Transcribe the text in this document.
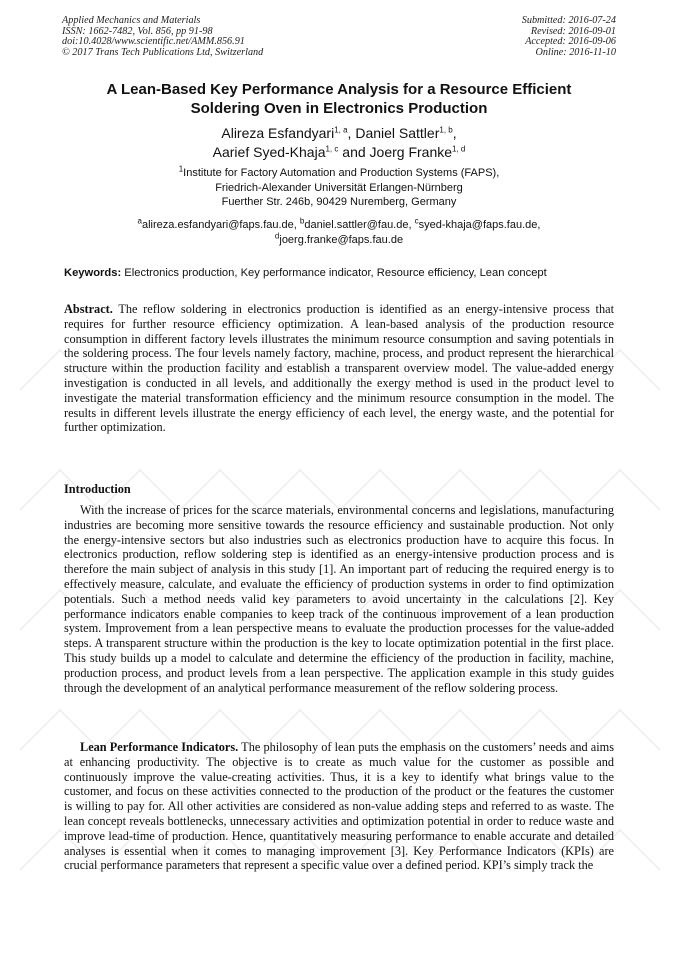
Applied Mechanics and Materials
ISSN: 1662-7482, Vol. 856, pp 91-98
doi:10.4028/www.scientific.net/AMM.856.91
© 2017 Trans Tech Publications Ltd, Switzerland
Submitted: 2016-07-24
Revised: 2016-09-01
Accepted: 2016-09-06
Online: 2016-11-10
A Lean-Based Key Performance Analysis for a Resource Efficient
Soldering Oven in Electronics Production
Alireza Esfandyari$^{1, a}$, Daniel Sattler$^{1, b}$,
Aarief Syed-Khaja$^{1, c}$ and Joerg Franke$^{1, d}$
$^1$Institute for Factory Automation and Production Systems (FAPS),
Friedrich-Alexander Universität Erlangen-Nürnberg
Fuerther Str. 246b, 90429 Nuremberg, Germany
$^a$alireza.esfandyari@faps.fau.de, $^b$daniel.sattler@fau.de, $^c$syed-khaja@faps.fau.de,
$^d$joerg.franke@faps.fau.de
Keywords: Electronics production, Key performance indicator, Resource efficiency, Lean concept

Abstract. The reflow soldering in electronics production is identified as an energy-intensive process that requires for further resource efficiency optimization. A lean-based analysis of the production resource consumption in different factory levels illustrates the minimum resource consumption and saving potentials in the soldering process. The four levels namely factory, machine, process, and product represent the hierarchical structure within the production facility and establish a transparent overview model. The value-added energy investigation is conducted in all levels, and additionally the exergy method is used in the product level to investigate the material transformation efficiency and the minimum resource consumption in the model. The results in different levels illustrate the energy efficiency of each level, the energy waste, and the potential for further optimization.

Introduction

With the increase of prices for the scarce materials, environmental concerns and legislations, manufacturing industries are becoming more sensitive towards the resource efficiency and sustainable production. Not only the energy-intensive sectors but also industries such as electronics production have to acquire this focus. In electronics production, reflow soldering step is identified as an energy-intensive production process and is therefore the main subject of analysis in this study [1]. An important part of reducing the required energy is to effectively measure, calculate, and evaluate the efficiency of production systems in order to find optimization potentials. Such a method needs valid key parameters to avoid uncertainty in the calculations [2]. Key performance indicators enable companies to keep track of the continuous improvement of a lean production system. Improvement from a lean perspective means to evaluate the production processes for the value-added steps. A transparent structure within the production is the key to locate optimization potential in the first place. This study builds up a model to calculate and determine the efficiency of the production in facility, machine, production process, and product levels from a lean perspective. The application example in this study guides through the development of an analytical performance measurement of the reflow soldering process.

Lean Performance Indicators. The philosophy of lean puts the emphasis on the customers’ needs and aims at enhancing productivity. The objective is to create as much value for the customer as possible and continuously improve the value-creating activities. Thus, it is a key to identify what brings value to the customer, and focus on these activities connected to the production of the product or the features the customer is willing to pay for. All other activities are considered as non-value adding steps and referred to as waste. The lean concept reveals bottlenecks, unnecessary activities and optimization potential in order to reduce waste and improve lead-time of production. Hence, quantitatively measuring performance to enable accurate and detailed analyses is essential when it comes to managing improvement [3]. Key Performance Indicators (KPIs) are crucial performance parameters that represent a specific value over a defined period. KPI’s simply track the
